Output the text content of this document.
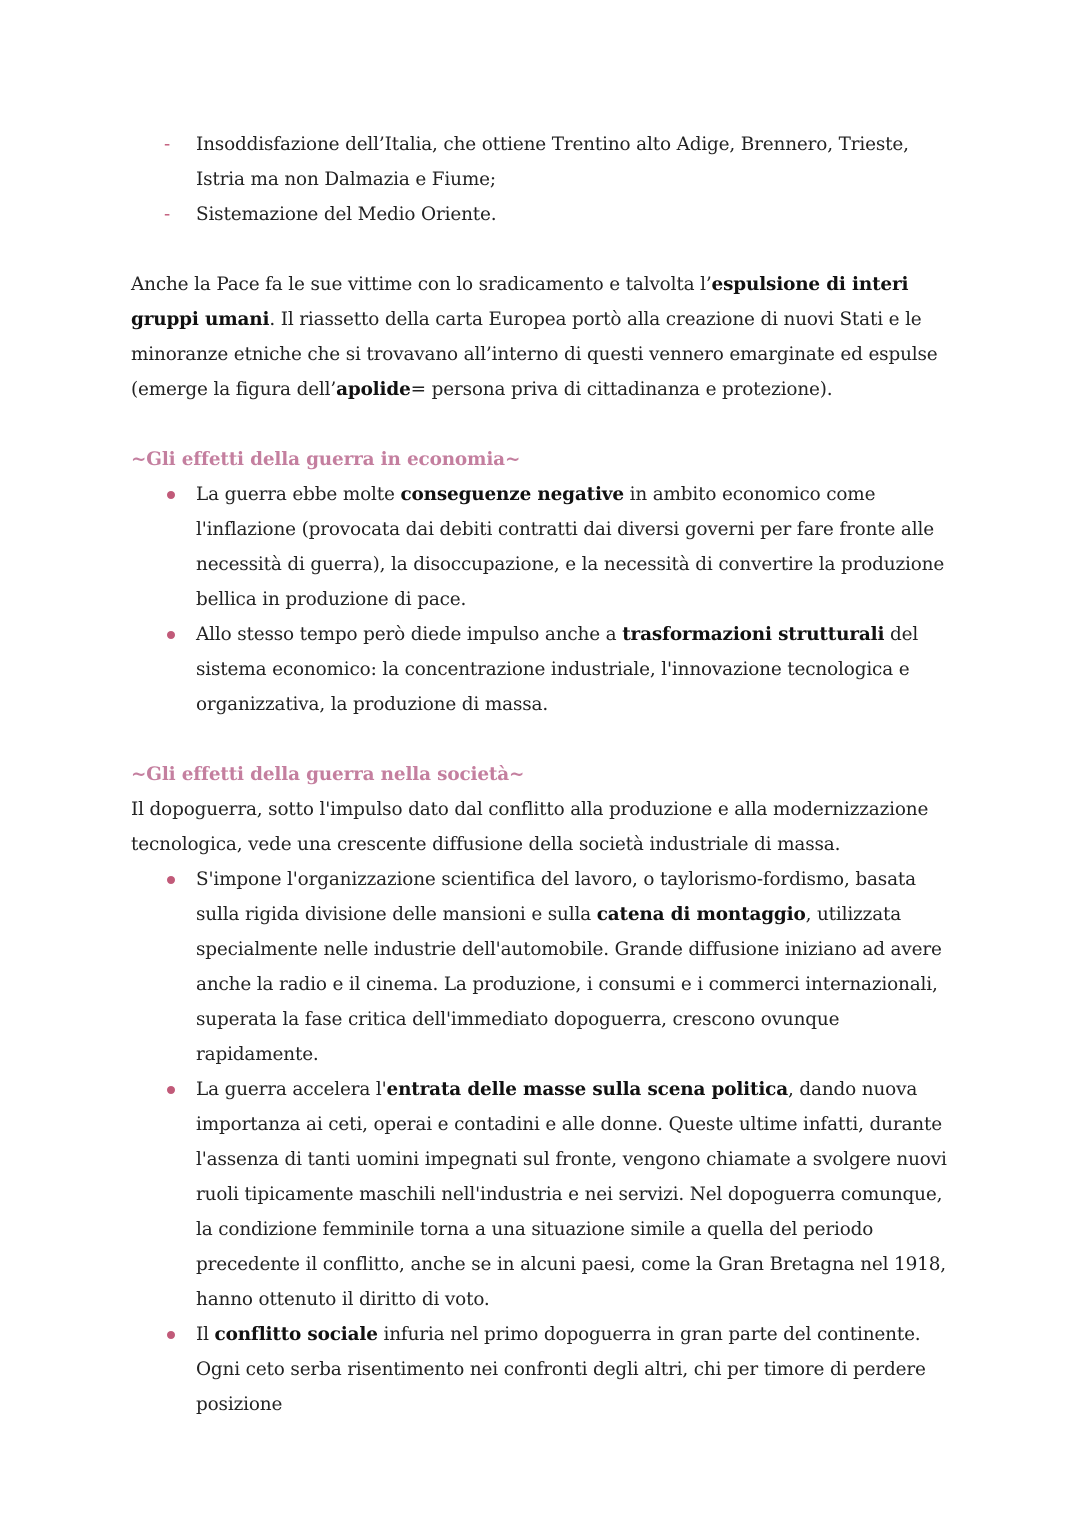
- Insoddisfazione dell’Italia, che ottiene Trentino alto Adige, Brennero, Trieste, Istria ma non Dalmazia e Fiume;
- Sistemazione del Medio Oriente.

Anche la Pace fa le sue vittime con lo sradicamento e talvolta l’espulsione di interi gruppi umani. Il riassetto della carta Europea portò alla creazione di nuovi Stati e le minoranze etniche che si trovavano all’interno di questi vennero emarginate ed espulse (emerge la figura dell’apolide= persona priva di cittadinanza e protezione).

~Gli effetti della guerra in economia~

La guerra ebbe molte conseguenze negative in ambito economico come l'inflazione (provocata dai debiti contratti dai diversi governi per fare fronte alle necessità di guerra), la disoccupazione, e la necessità di convertire la produzione bellica in produzione di pace.
Allo stesso tempo però diede impulso anche a trasformazioni strutturali del sistema economico: la concentrazione industriale, l'innovazione tecnologica e organizzativa, la produzione di massa.

~Gli effetti della guerra nella società~

Il dopoguerra, sotto l'impulso dato dal conflitto alla produzione e alla modernizzazione tecnologica, vede una crescente diffusione della società industriale di massa.

S'impone l'organizzazione scientifica del lavoro, o taylorismo-fordismo, basata sulla rigida divisione delle mansioni e sulla catena di montaggio, utilizzata specialmente nelle industrie dell'automobile. Grande diffusione iniziano ad avere anche la radio e il cinema. La produzione, i consumi e i commerci internazionali, superata la fase critica dell'immediato dopoguerra, crescono ovunque rapidamente.
La guerra accelera l'entrata delle masse sulla scena politica, dando nuova importanza ai ceti, operai e contadini e alle donne. Queste ultime infatti, durante l'assenza di tanti uomini impegnati sul fronte, vengono chiamate a svolgere nuovi ruoli tipicamente maschili nell'industria e nei servizi. Nel dopoguerra comunque, la condizione femminile torna a una situazione simile a quella del periodo precedente il conflitto, anche se in alcuni paesi, come la Gran Bretagna nel 1918, hanno ottenuto il diritto di voto.
Il conflitto sociale infuria nel primo dopoguerra in gran parte del continente. Ogni ceto serba risentimento nei confronti degli altri, chi per timore di perdere posizione
